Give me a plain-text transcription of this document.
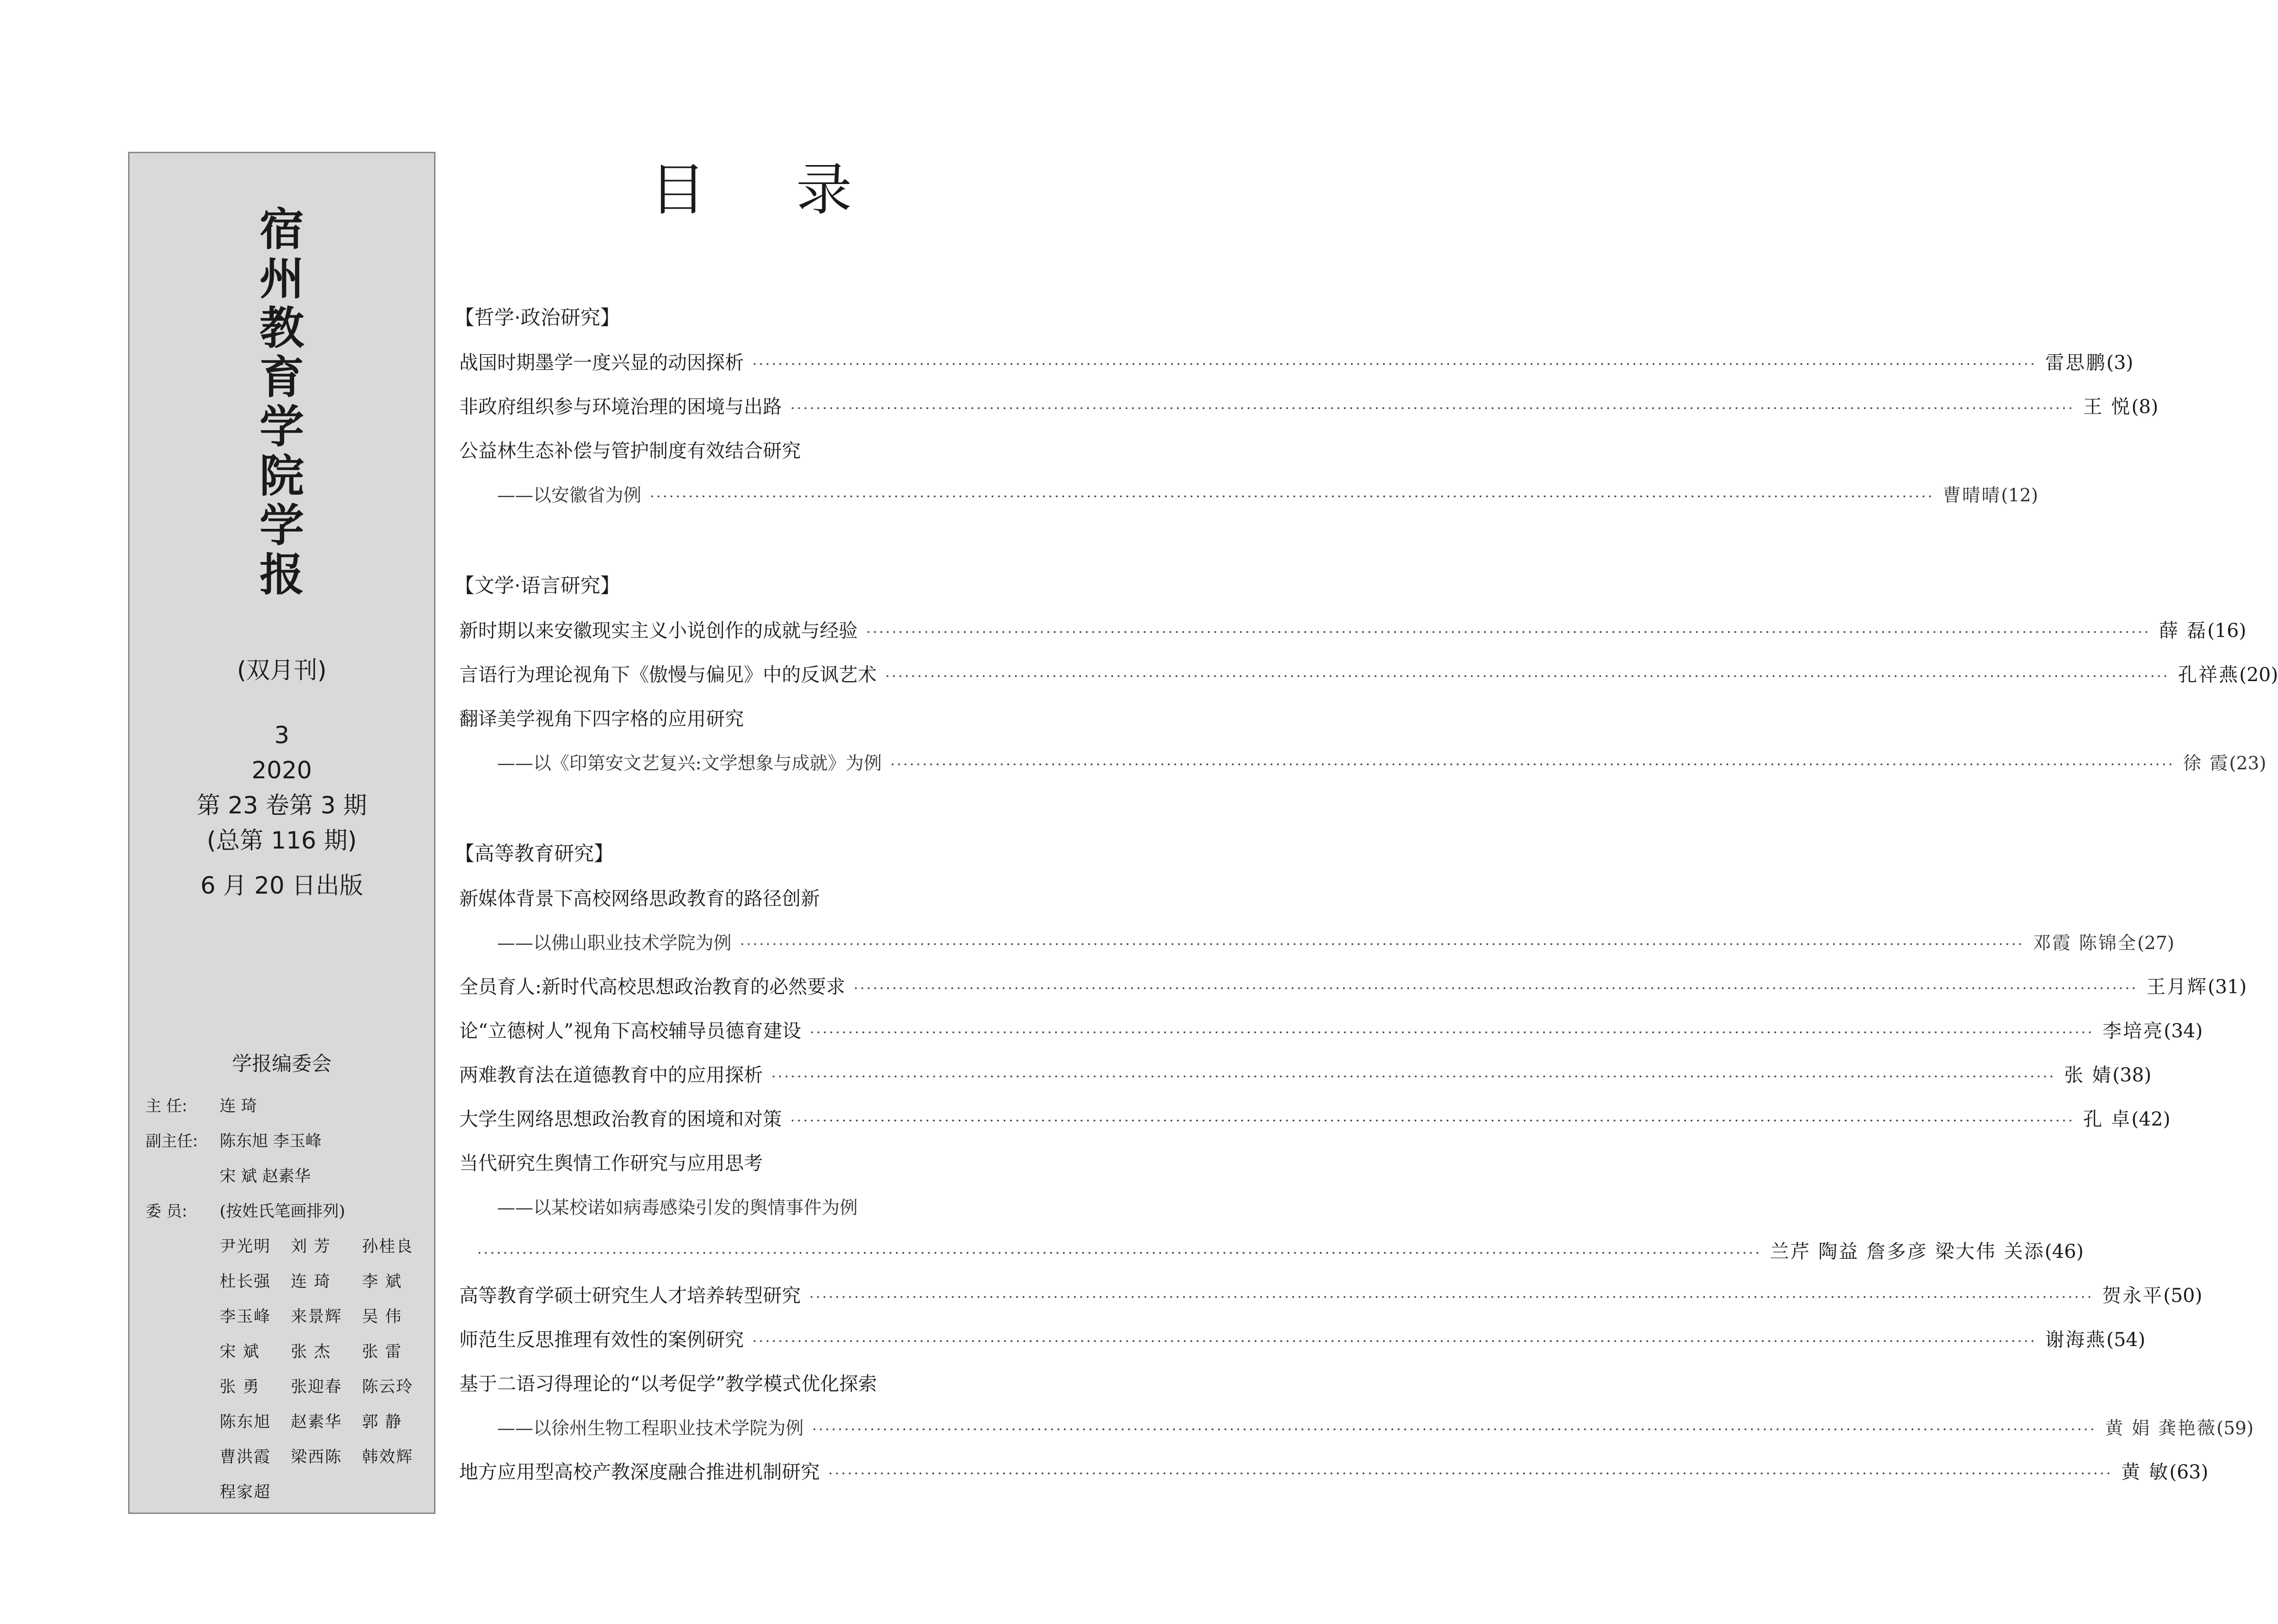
宿
州
教
育
学
院
学
报
(双月刊)
3
2020
第 23 卷第 3 期
(总第 116 期)
6 月 20 日出版
学报编委会
主 任: 连 琦
副主任: 陈东旭 李玉峰
宋 斌 赵素华
委 员: (按姓氏笔画排列)
尹光明 刘 芳 孙桂良
杜长强 连 琦 李 斌
李玉峰 来景辉 吴 伟
宋 斌 张 杰 张 雷
张 勇 张迎春 陈云玲
陈东旭 赵素华 郭 静
曹洪霞 梁西陈 韩效辉
程家超
目录
【哲学·政治研究】
战国时期墨学一度兴显的动因探析 ········································································································································································································ 雷思鹏 (3)
非政府组织参与环境治理的困境与出路 ········································································································································································································ 王 悦 (8)
公益林生态补偿与管护制度有效结合研究
——以安徽省为例 ········································································································································································································ 曹晴晴 (12)
【文学·语言研究】
新时期以来安徽现实主义小说创作的成就与经验 ········································································································································································································ 薛 磊 (16)
言语行为理论视角下《傲慢与偏见》中的反讽艺术 ········································································································································································································ 孔祥燕 (20)
翻译美学视角下四字格的应用研究
——以《印第安文艺复兴:文学想象与成就》为例 ········································································································································································································ 徐 霞 (23)
【高等教育研究】
新媒体背景下高校网络思政教育的路径创新
——以佛山职业技术学院为例 ········································································································································································································ 邓霞 陈锦全 (27)
全员育人:新时代高校思想政治教育的必然要求 ········································································································································································································ 王月辉 (31)
论“立德树人”视角下高校辅导员德育建设 ········································································································································································································ 李培亮 (34)
两难教育法在道德教育中的应用探析 ········································································································································································································ 张 婧 (38)
大学生网络思想政治教育的困境和对策 ········································································································································································································ 孔 卓 (42)
当代研究生舆情工作研究与应用思考
——以某校诺如病毒感染引发的舆情事件为例
········································································································································································································ 兰芹 陶益 詹多彦 梁大伟 关添 (46)
高等教育学硕士研究生人才培养转型研究 ········································································································································································································ 贺永平 (50)
师范生反思推理有效性的案例研究 ········································································································································································································ 谢海燕 (54)
基于二语习得理论的“以考促学”教学模式优化探索
——以徐州生物工程职业技术学院为例 ········································································································································································································ 黄 娟 龚艳薇 (59)
地方应用型高校产教深度融合推进机制研究 ········································································································································································································ 黄 敏 (63)
